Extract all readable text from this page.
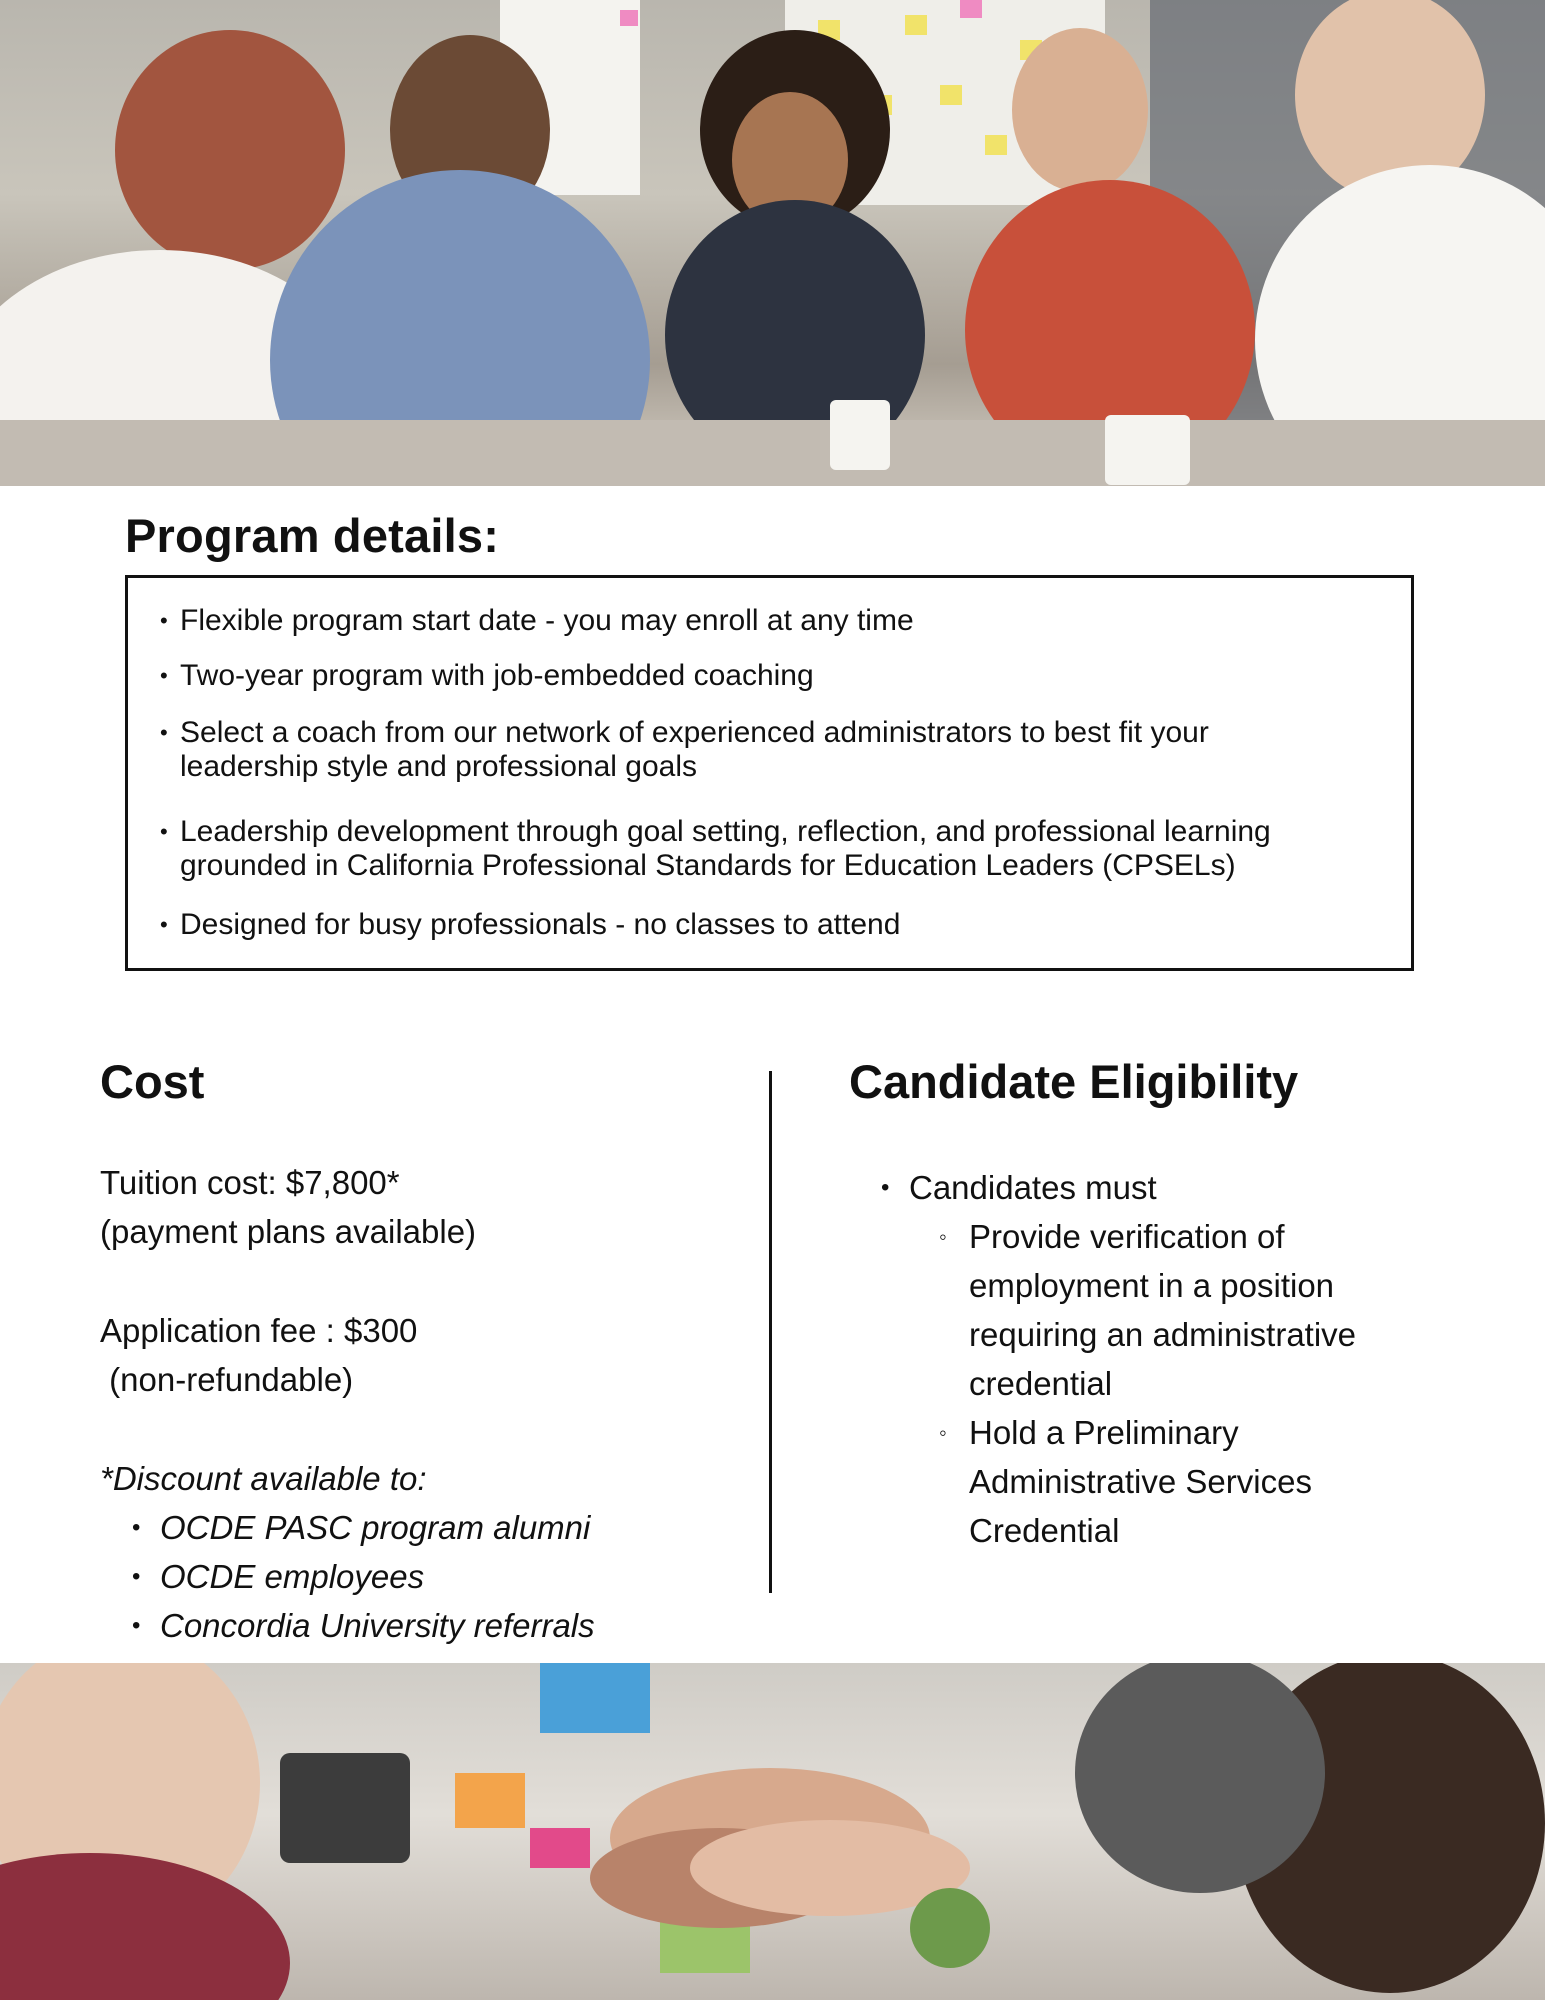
Program details:
• Flexible program start date - you may enroll at any time
• Two-year program with job-embedded coaching
• Select a coach from our network of experienced administrators to best fit your
leadership style and professional goals
• Leadership development through goal setting, reflection, and professional learning
grounded in California Professional Standards for Education Leaders (CPSELs)
• Designed for busy professionals - no classes to attend
Cost

Tuition cost: $7,800*

(payment plans available)

Application fee : $300

(non-refundable)

*Discount available to:

• OCDE PASC program alumni
• OCDE employees
• Concordia University referrals
Candidate Eligibility
• Candidates must
◦ Provide verification of
employment in a position
requiring an administrative
credential
◦ Hold a Preliminary
Administrative Services
Credential
